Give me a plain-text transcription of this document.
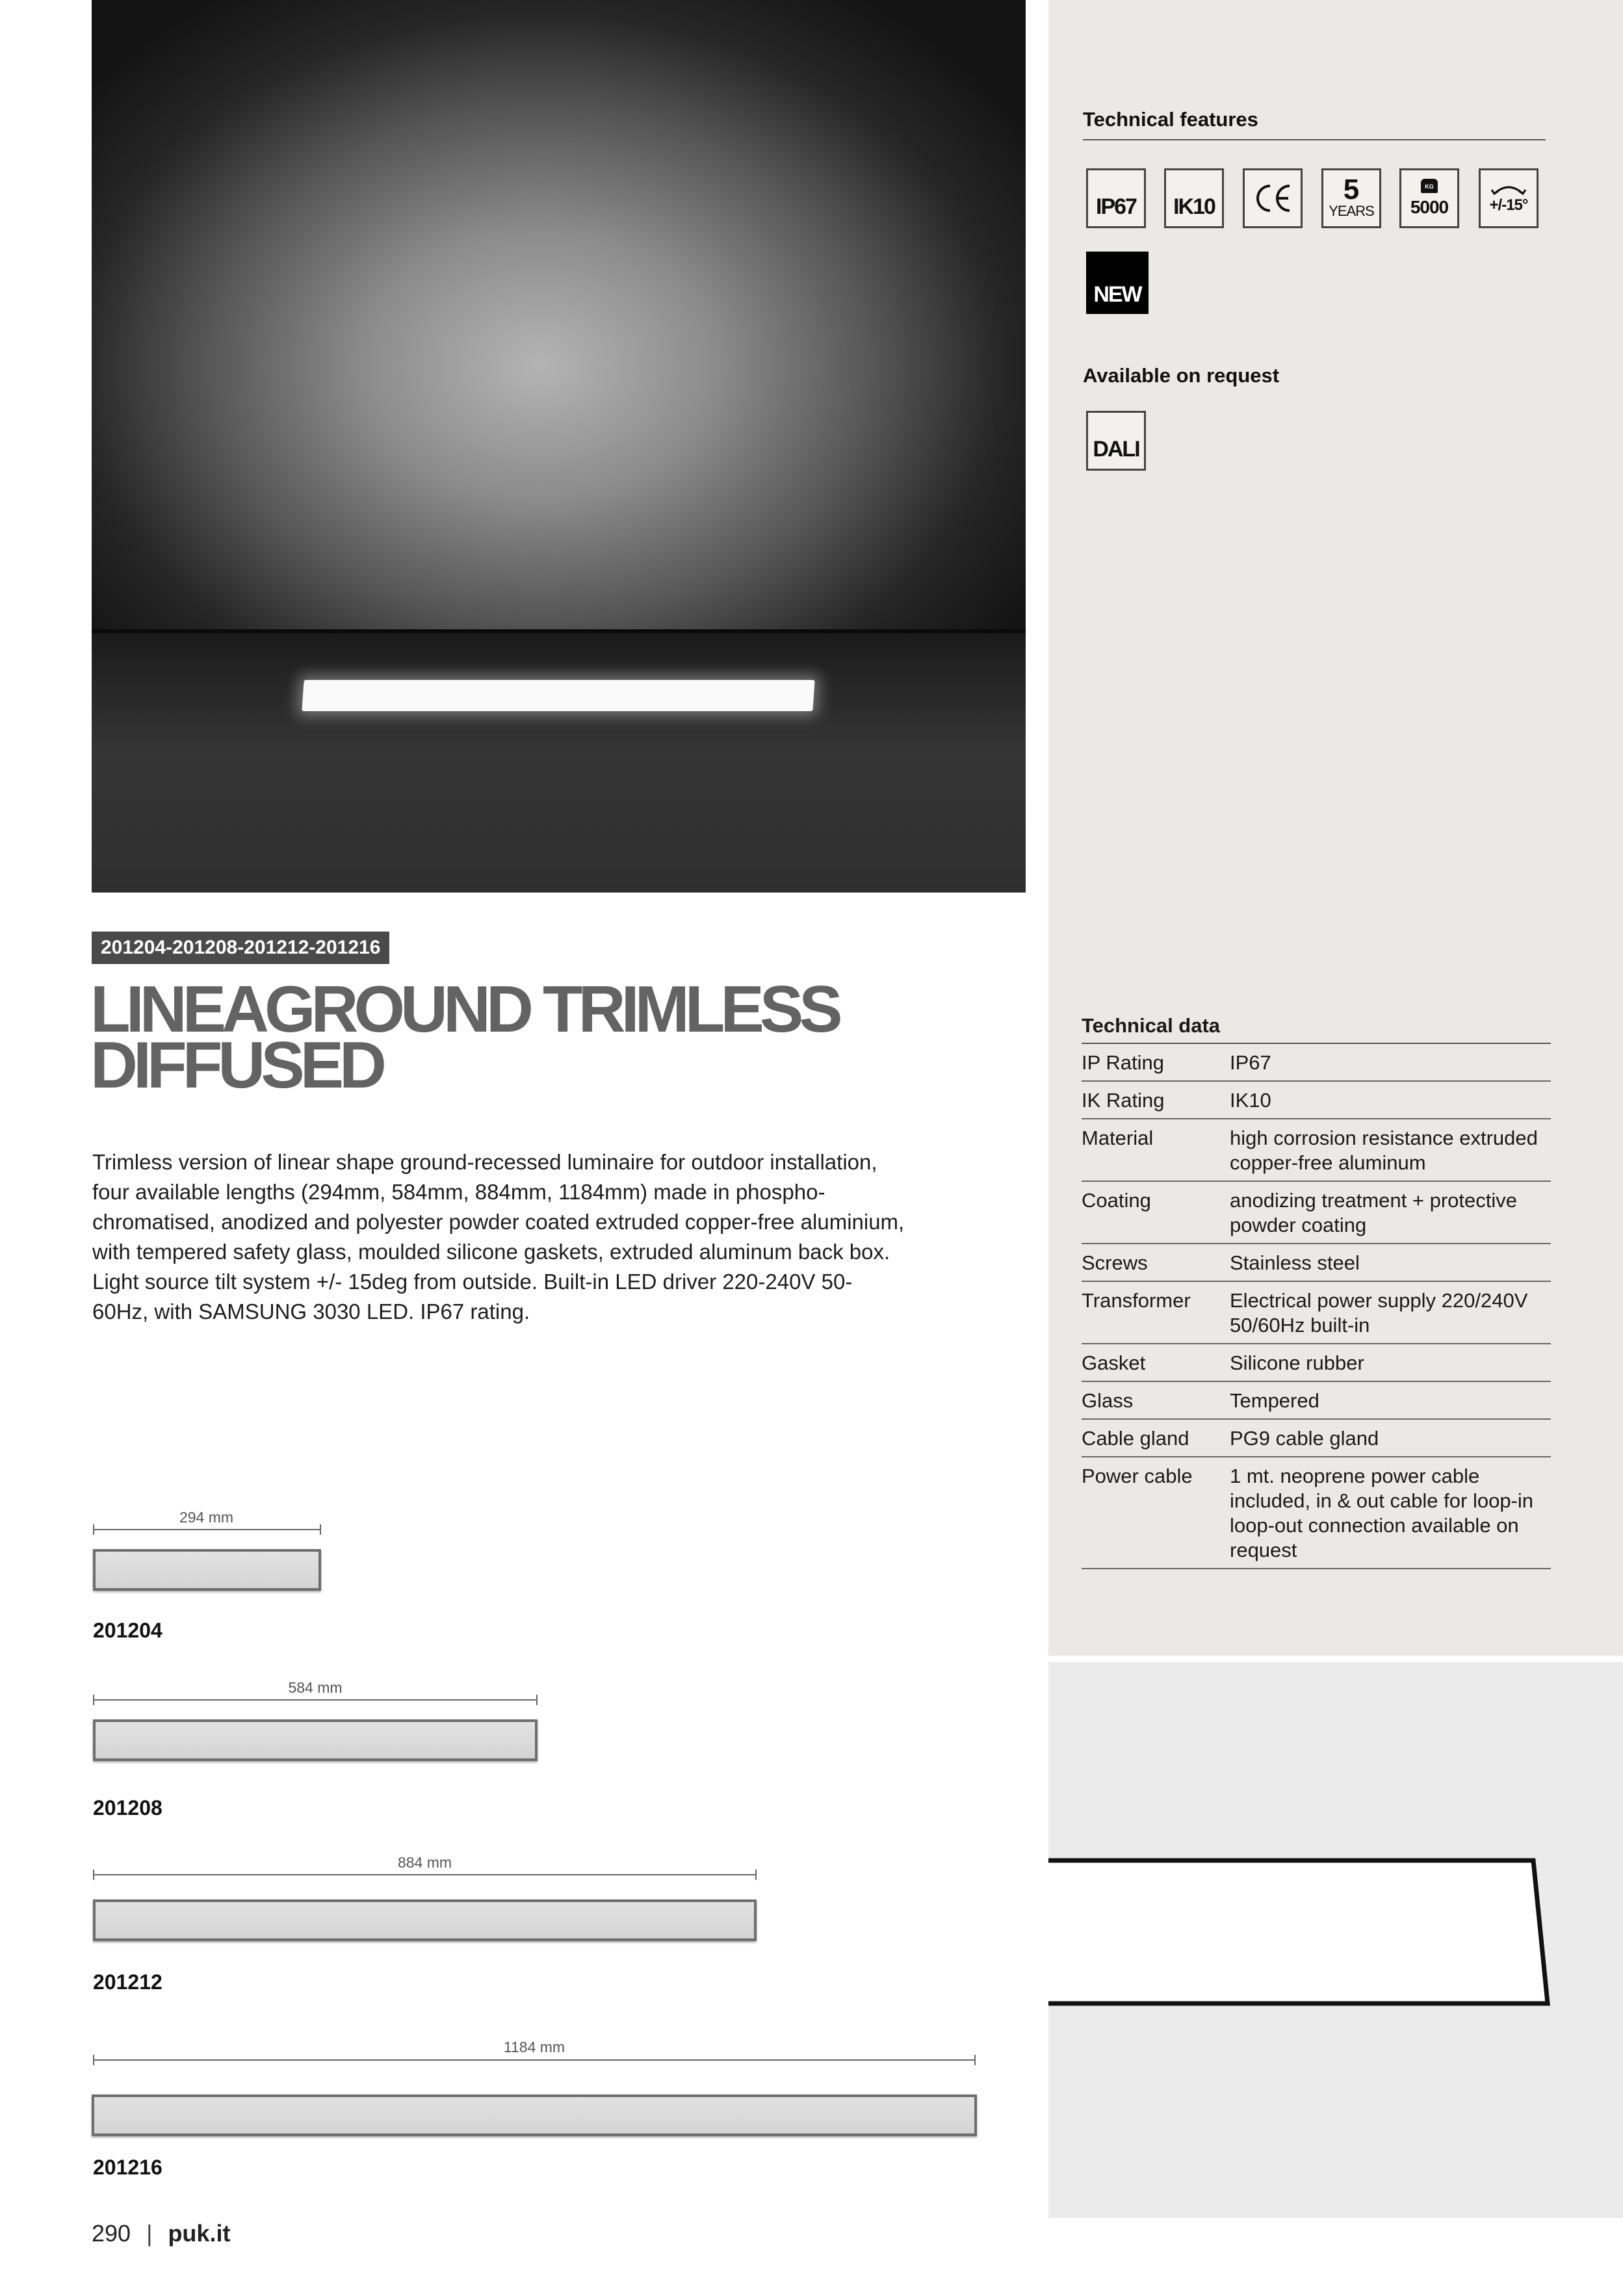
Technical features
IP67 IK10
5
YEARS
KG
5000	+/-15°
NEW
Available on request
DALI
Technical data
IP Rating	IP67
IK Rating	IK10
Material	high corrosion resistance extruded copper-free aluminum
Coating	anodizing treatment + protective powder coating
Screws	Stainless steel
Transformer	Electrical power supply 220/240V 50/60Hz built-in
Gasket	Silicone rubber
Glass	Tempered
Cable gland	PG9 cable gland
Power cable	1 mt. neoprene power cable included, in & out cable for loop-in loop-out connection available on request
201204-201208-201212-201216
LINEAGROUND TRIMLESS
DIFFUSED
Trimless version of linear shape ground-recessed luminaire for outdoor installation, four available lengths (294mm, 584mm, 884mm, 1184mm) made in phospho-chromatised, anodized and polyester powder coated extruded copper-free aluminium, with tempered safety glass, moulded silicone gaskets, extruded aluminum back box. Light source tilt system +/- 15deg from outside. Built-in LED driver 220-240V 50-60Hz, with SAMSUNG 3030 LED. IP67 rating.
294 mm
201204
584 mm
201208
884 mm
201212
1184 mm
201216
290 | puk.it
